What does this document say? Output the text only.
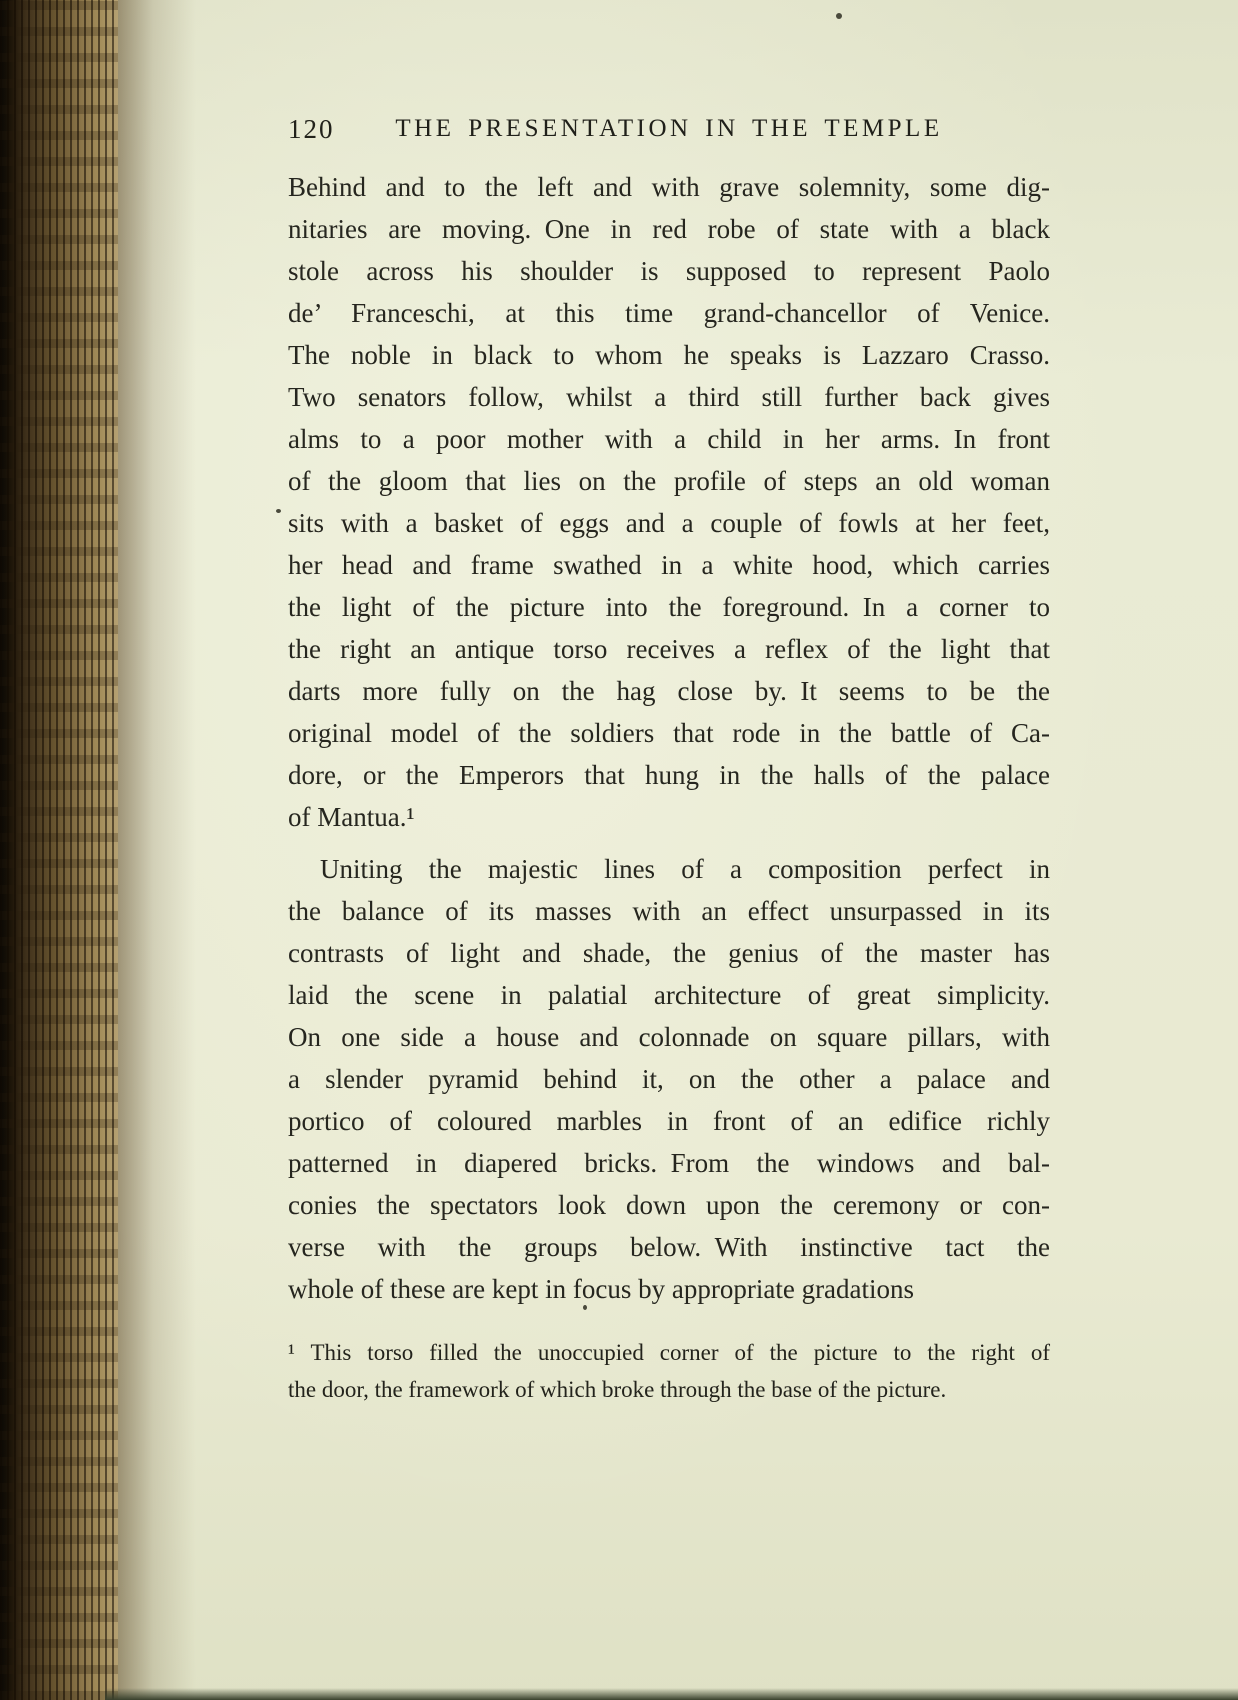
120	THE PRESENTATION IN THE TEMPLE
Behind and to the left and with grave solemnity, some dig-
nitaries are moving. One in red robe of state with a black
stole across his shoulder is supposed to represent Paolo
de’ Franceschi, at this time grand-chancellor of Venice.
The noble in black to whom he speaks is Lazzaro Crasso.
Two senators follow, whilst a third still further back gives
alms to a poor mother with a child in her arms. In front
of the gloom that lies on the profile of steps an old woman
sits with a basket of eggs and a couple of fowls at her feet,
her head and frame swathed in a white hood, which carries
the light of the picture into the foreground. In a corner to
the right an antique torso receives a reflex of the light that
darts more fully on the hag close by. It seems to be the
original model of the soldiers that rode in the battle of Ca-
dore, or the Emperors that hung in the halls of the palace
of Mantua.¹
Uniting the majestic lines of a composition perfect in
the balance of its masses with an effect unsurpassed in its
contrasts of light and shade, the genius of the master has
laid the scene in palatial architecture of great simplicity.
On one side a house and colonnade on square pillars, with
a slender pyramid behind it, on the other a palace and
portico of coloured marbles in front of an edifice richly
patterned in diapered bricks. From the windows and bal-
conies the spectators look down upon the ceremony or con-
verse with the groups below. With instinctive tact the
whole of these are kept in focus by appropriate gradations
¹ This torso filled the unoccupied corner of the picture to the right of
the door, the framework of which broke through the base of the picture.
